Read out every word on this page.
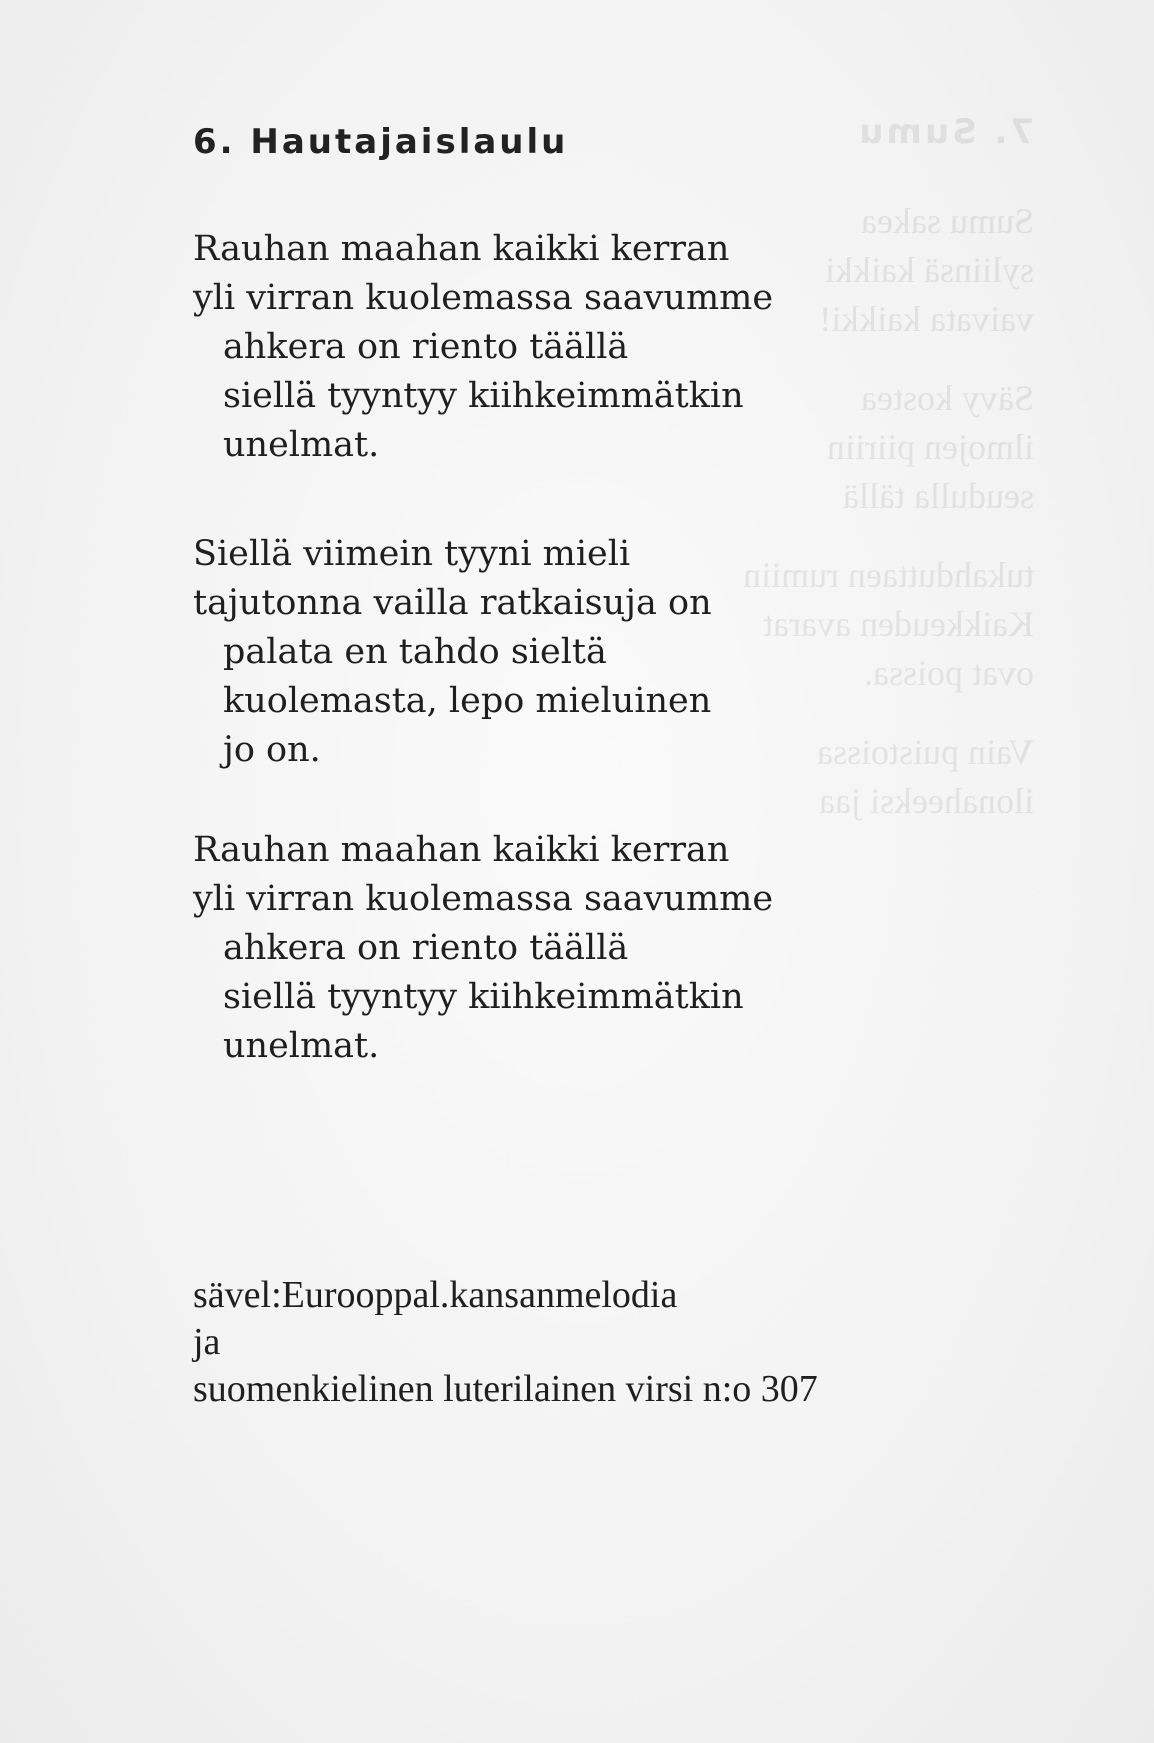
7. Sumu
Sumu sakea
syliinsä kaikki
vaivata kaikki!
Sävy kostea
ilmojen piiriin
seudulla tällä
tukahduttaen rumiin
Kaikkeuden avarat
ovat poissa.
Vain puistoissa
ilonaheeksi jaa
6. Hautajaislaulu
Rauhan maahan kaikki kerran
yli virran kuolemassa saavumme
ahkera on riento täällä
siellä tyyntyy kiihkeimmätkin
unelmat.
Siellä viimein tyyni mieli
tajutonna vailla ratkaisuja on
palata en tahdo sieltä
kuolemasta, lepo mieluinen
jo on.
Rauhan maahan kaikki kerran
yli virran kuolemassa saavumme
ahkera on riento täällä
siellä tyyntyy kiihkeimmätkin
unelmat.
sävel:Eurooppal.kansanmelodia
ja
suomenkielinen luterilainen virsi n:o 307
